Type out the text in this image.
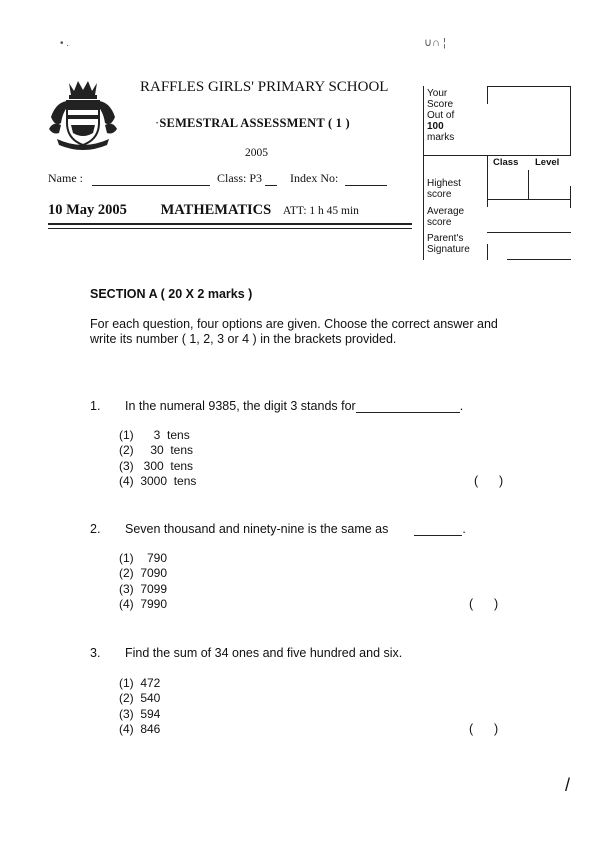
• .	∪∩ ¦
RAFFLES GIRLS' PRIMARY SCHOOL
·SEMESTRAL ASSESSMENT ( 1 )
2005
Name :	Class: P3 Index No:
10 May 2005 MATHEMATICS ATT: 1 h 45 min
Your
Score
Out of
100
marks
Class Level
Highest
score
Average
score
Parent's
Signature
SECTION A ( 20 X 2 marks )
For each question, four options are given. Choose the correct answer and write its number ( 1, 2, 3 or 4 ) in the brackets provided.
1. In the numeral 9385, the digit 3 stands for	.
(1)      3  tens
(2)     30  tens
(3)   300  tens
(4)  3000  tens	(      )
2. Seven thousand and ninety-nine is the same as	.
(1)    790
(2)  7090
(3)  7099
(4)  7990	(      )
3. Find the sum of 34 ones and five hundred and six.
(1)  472
(2)  540
(3)  594
(4)  846	(      )
/
